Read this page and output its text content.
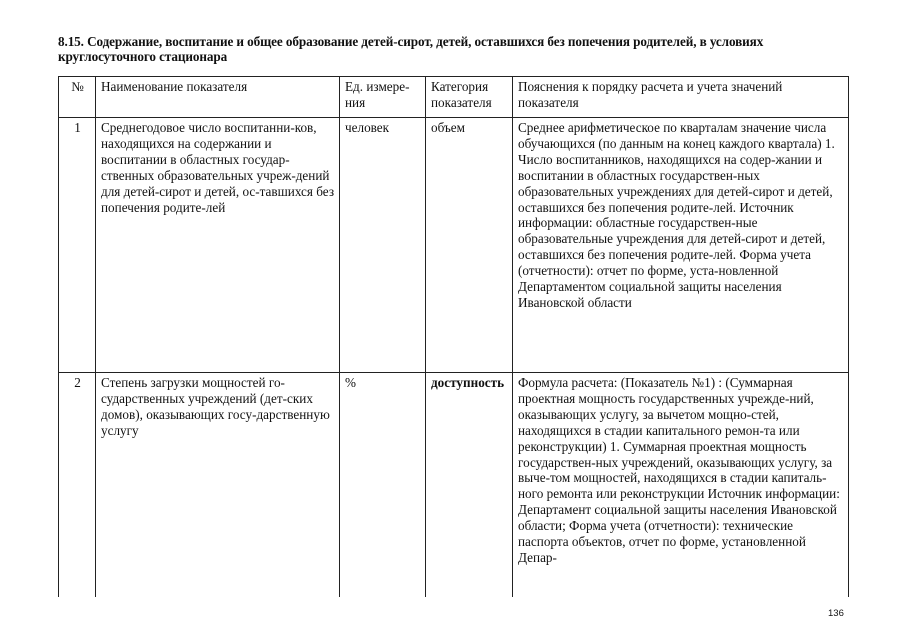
8.15. Содержание, воспитание и общее образование детей-сирот, детей, оставшихся без попечения родителей, в условиях круглосуточного стационара
№	Наименование показателя	Ед. измере-ния	Категория показателя	Пояснения к порядку расчета и учета значений показателя
1	Среднегодовое число воспитанни-ков, находящихся на содержании и воспитании в областных государ-ственных образовательных учреж-дений для детей-сирот и детей, ос-тавшихся без попечения родите-лей	человек	объем	Среднее арифметическое по кварталам значение числа обучающихся (по данным на конец каждого квартала) 1. Число воспитанников, находящихся на содер-жании и воспитании в областных государствен-ных образовательных учреждениях для детей-сирот и детей, оставшихся без попечения родите-лей. Источник информации: областные государствен-ные образовательные учреждения для детей-сирот и детей, оставшихся без попечения родите-лей. Форма учета (отчетности): отчет по форме, уста-новленной Департаментом социальной защиты населения Ивановской области
2	Степень загрузки мощностей го-сударственных учреждений (дет-ских домов), оказывающих госу-дарственную услугу	%	доступность	Формула расчета: (Показатель №1) : (Суммарная проектная мощность государственных учрежде-ний, оказывающих услугу, за вычетом мощно-стей, находящихся в стадии капитального ремон-та или реконструкции) 1. Суммарная проектная мощность государствен-ных учреждений, оказывающих услугу, за выче-том мощностей, находящихся в стадии капиталь-ного ремонта или реконструкции Источник информации: Департамент социальной защиты населения Ивановской области; Форма учета (отчетности): технические паспорта объектов, отчет по форме, установленной Депар-
136
